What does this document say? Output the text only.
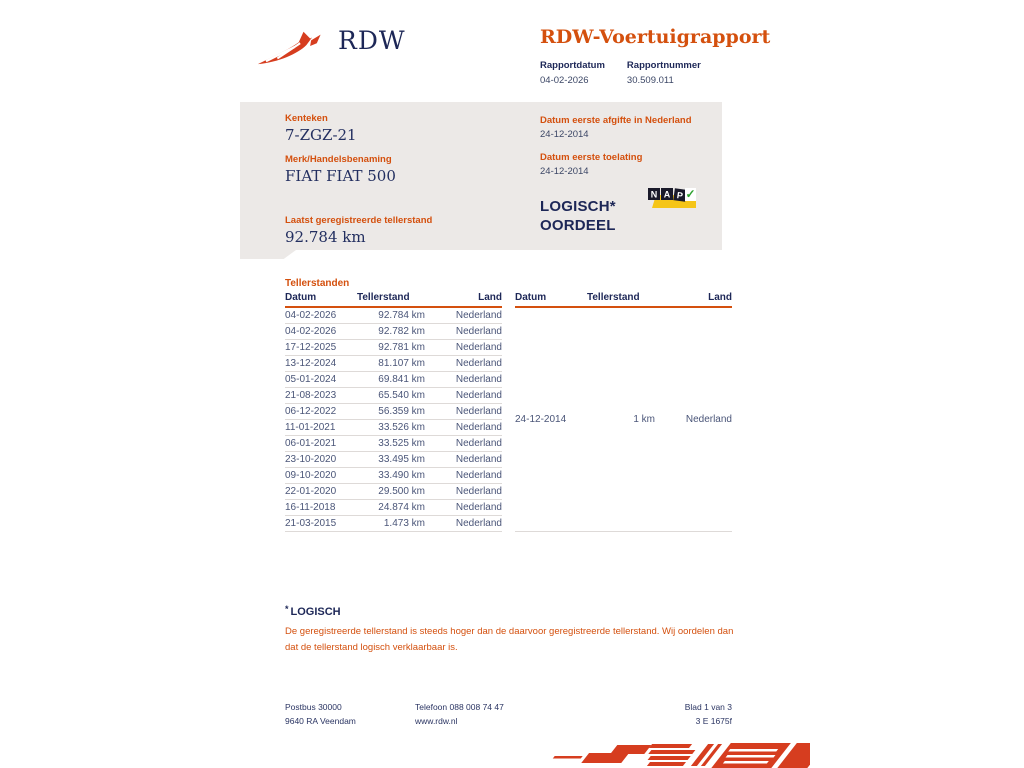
RDW	RDW-Voertuigrapport
Rapportdatum
04-02-2026
Rapportnummer
30.509.011
Kenteken
7-ZGZ-21
Merk/Handelsbenaming
FIAT FIAT 500
Laatst geregistreerde tellerstand
92.784 km
Datum eerste afgifte in Nederland
24-12-2014
Datum eerste toelating
24-12-2014
LOGISCH*
OORDEEL
N A P ✓
Tellerstanden
Datum	Tellerstand	Land
04-02-2026	92.784 km	Nederland
04-02-2026	92.782 km	Nederland
17-12-2025	92.781 km	Nederland
13-12-2024	81.107 km	Nederland
05-01-2024	69.841 km	Nederland
21-08-2023	65.540 km	Nederland
06-12-2022	56.359 km	Nederland
11-01-2021	33.526 km	Nederland
06-01-2021	33.525 km	Nederland
23-10-2020	33.495 km	Nederland
09-10-2020	33.490 km	Nederland
22-01-2020	29.500 km	Nederland
16-11-2018	24.874 km	Nederland
21-03-2015	1.473 km	Nederland
Datum	Tellerstand	Land
24-12-2014	1 km	Nederland
* LOGISCH
De geregistreerde tellerstand is steeds hoger dan de daarvoor geregistreerde tellerstand. Wij oordelen dan dat de tellerstand logisch verklaarbaar is.
Postbus 30000
9640 RA Veendam
Telefoon 088 008 74 47
www.rdw.nl
Blad 1 van 3
3 E 1675f
